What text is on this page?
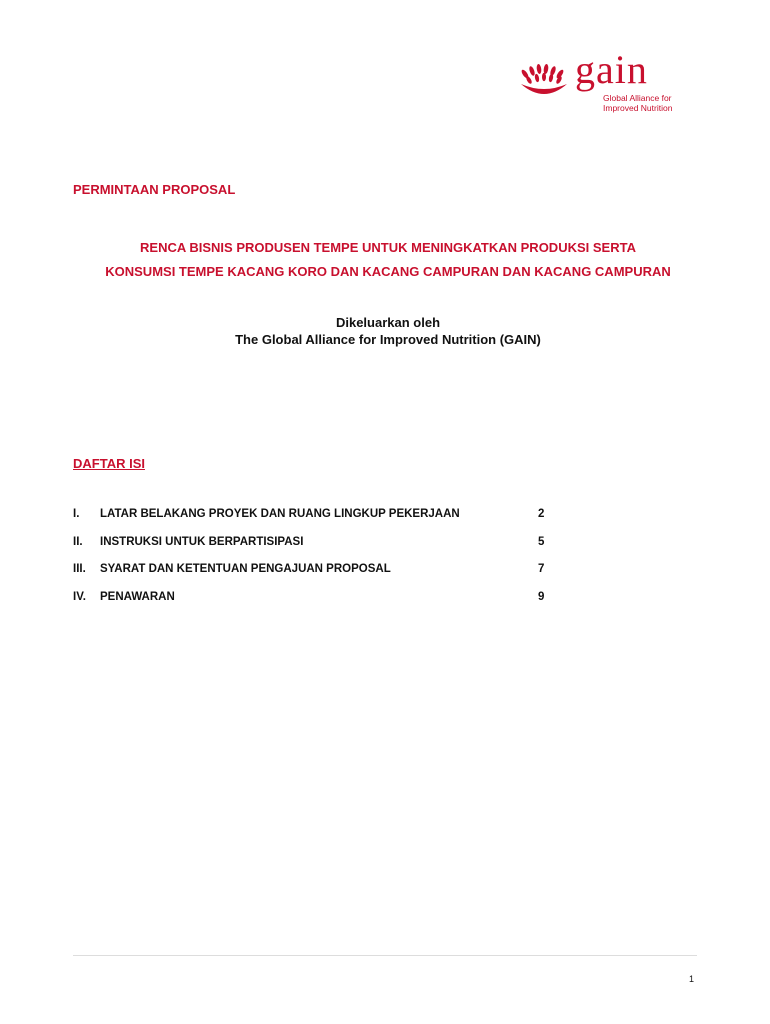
gain
Global Alliance for
Improved Nutrition
PERMINTAAN PROPOSAL
RENCA BISNIS PRODUSEN TEMPE UNTUK MENINGKATKAN PRODUKSI SERTA
KONSUMSI TEMPE KACANG KORO DAN KACANG CAMPURAN DAN KACANG CAMPURAN
Dikeluarkan oleh
The Global Alliance for Improved Nutrition (GAIN)
DAFTAR ISI
I. LATAR BELAKANG PROYEK DAN RUANG LINGKUP PEKERJAAN	2
II. INSTRUKSI UNTUK BERPARTISIPASI	5
III. SYARAT DAN KETENTUAN PENGAJUAN PROPOSAL	7
IV. PENAWARAN	9
1
